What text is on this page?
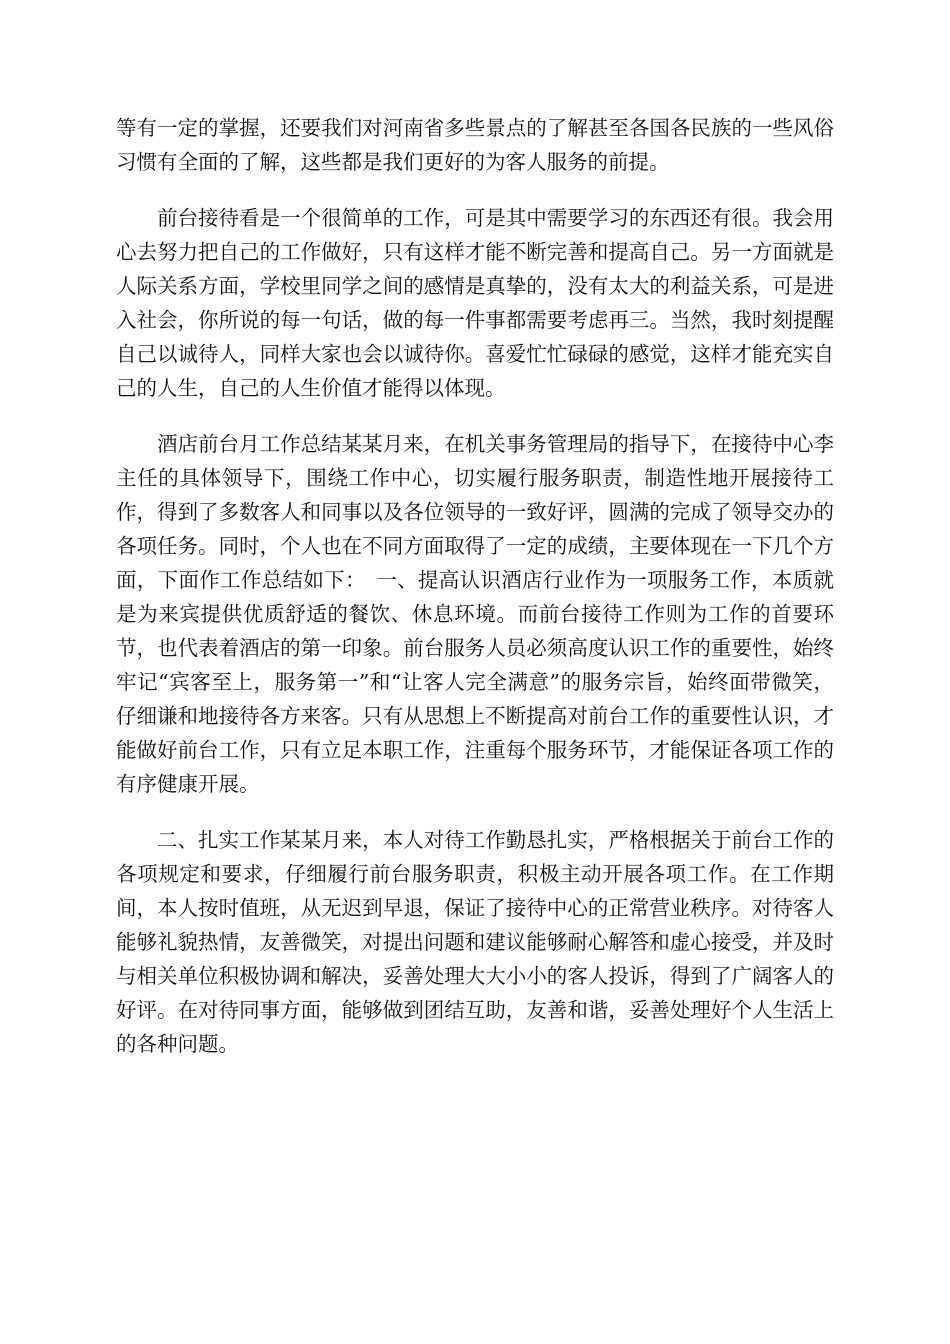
等有一定的掌握，还要我们对河南省多些景点的了解甚至各国各民族的一些风俗习惯有全面的了解，这些都是我们更好的为客人服务的前提。

前台接待看是一个很简单的工作，可是其中需要学习的东西还有很。我会用心去努力把自己的工作做好，只有这样才能不断完善和提高自己。另一方面就是人际关系方面，学校里同学之间的感情是真挚的，没有太大的利益关系，可是进入社会，你所说的每一句话，做的每一件事都需要考虑再三。当然，我时刻提醒自己以诚待人，同样大家也会以诚待你。喜爱忙忙碌碌的感觉，这样才能充实自己的人生，自己的人生价值才能得以体现。

酒店前台月工作总结某某月来，在机关事务管理局的指导下，在接待中心李主任的具体领导下，围绕工作中心，切实履行服务职责，制造性地开展接待工作，得到了多数客人和同事以及各位领导的一致好评，圆满的完成了领导交办的各项任务。同时，个人也在不同方面取得了一定的成绩，主要体现在一下几个方面，下面作工作总结如下：　一、提高认识酒店行业作为一项服务工作，本质就是为来宾提供优质舒适的餐饮、休息环境。而前台接待工作则为工作的首要环节，也代表着酒店的第一印象。前台服务人员必须高度认识工作的重要性，始终牢记“宾客至上，服务第一”和“让客人完全满意”的服务宗旨，始终面带微笑，仔细谦和地接待各方来客。只有从思想上不断提高对前台工作的重要性认识，才能做好前台工作，只有立足本职工作，注重每个服务环节，才能保证各项工作的有序健康开展。

二、扎实工作某某月来，本人对待工作勤恳扎实，严格根据关于前台工作的各项规定和要求，仔细履行前台服务职责，积极主动开展各项工作。在工作期间，本人按时值班，从无迟到早退，保证了接待中心的正常营业秩序。对待客人能够礼貌热情，友善微笑，对提出问题和建议能够耐心解答和虚心接受，并及时与相关单位积极协调和解决，妥善处理大大小小的客人投诉，得到了广阔客人的好评。在对待同事方面，能够做到团结互助，友善和谐，妥善处理好个人生活上的各种问题。
